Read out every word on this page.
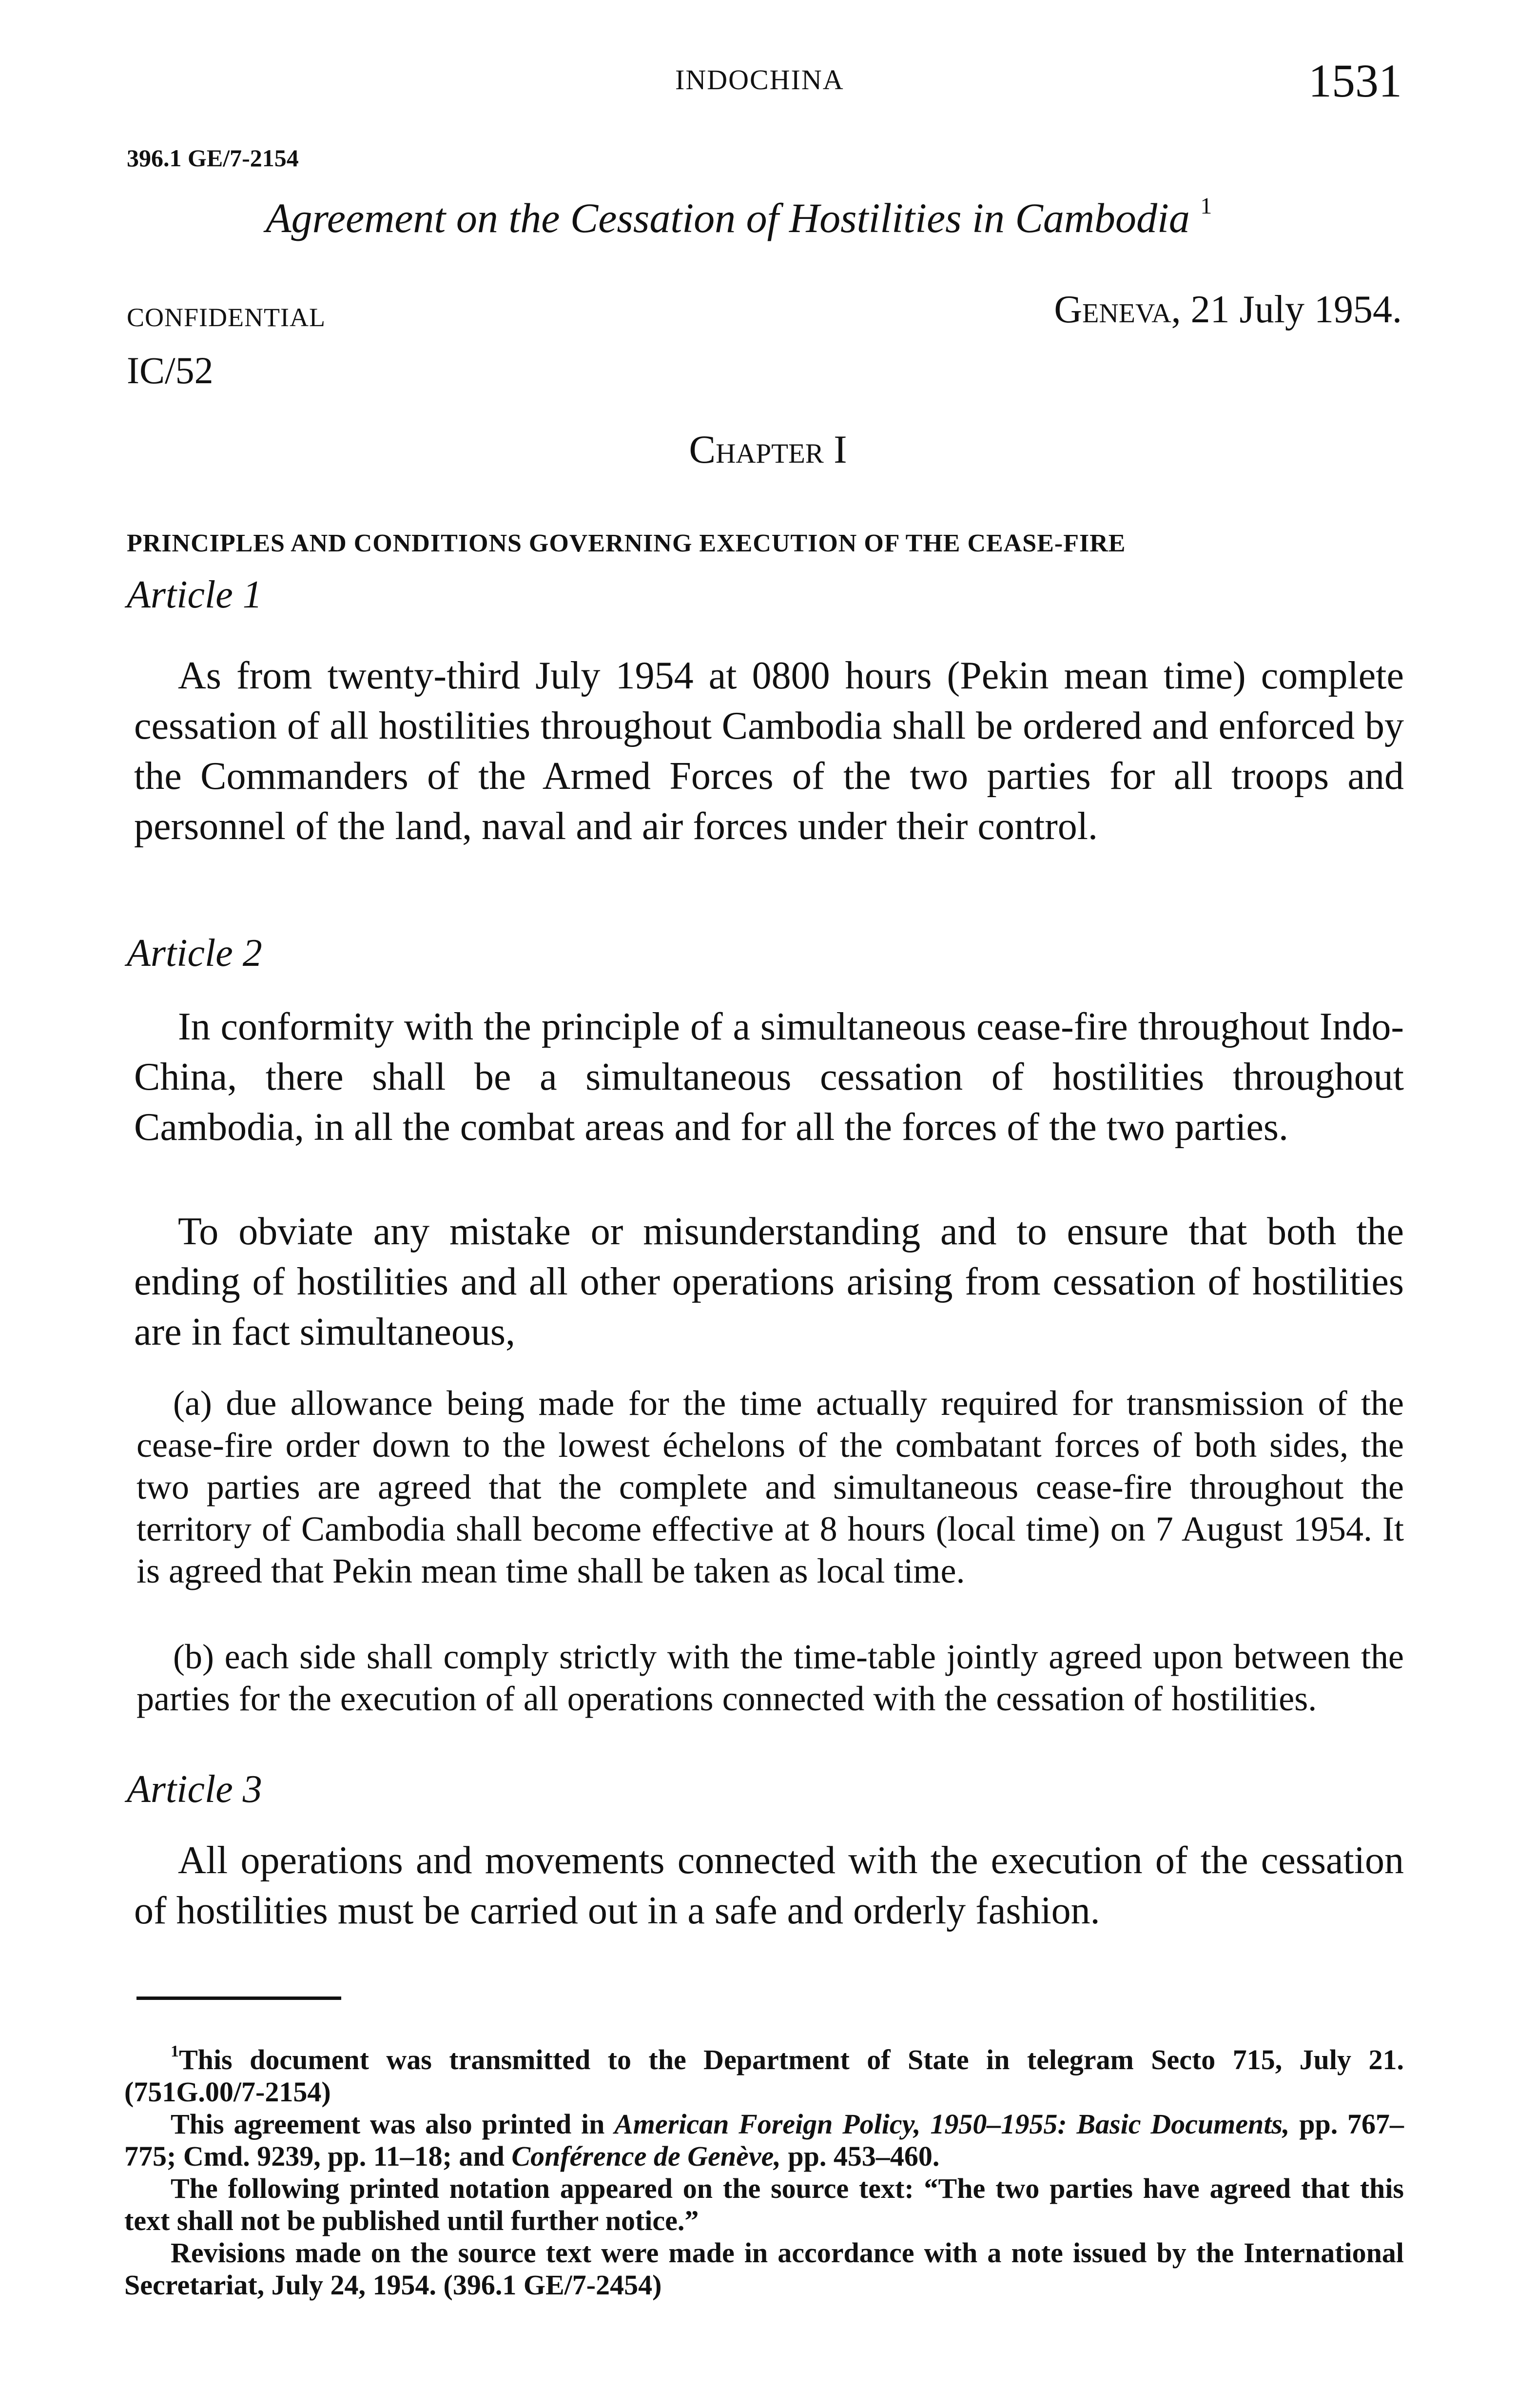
INDOCHINA	1531
396.1 GE/7-2154
Agreement on the Cessation of Hostilities in Cambodia $^1$
CONFIDENTIAL
IC/52
Geneva, 21 July 1954.
Chapter I
PRINCIPLES AND CONDITIONS GOVERNING EXECUTION OF THE CEASE-FIRE
Article 1

As from twenty-third July 1954 at 0800 hours (Pekin mean time) complete cessation of all hostilities throughout Cambodia shall be ordered and enforced by the Commanders of the Armed Forces of the two parties for all troops and personnel of the land, naval and air forces under their control.

Article 2

In conformity with the principle of a simultaneous cease-fire throughout Indo-China, there shall be a simultaneous cessation of hostilities throughout Cambodia, in all the combat areas and for all the forces of the two parties.

To obviate any mistake or misunderstanding and to ensure that both the ending of hostilities and all other operations arising from cessation of hostilities are in fact simultaneous,

(a) due allowance being made for the time actually required for transmission of the cease-fire order down to the lowest échelons of the combatant forces of both sides, the two parties are agreed that the complete and simultaneous cease-fire throughout the territory of Cambodia shall become effective at 8 hours (local time) on 7 August 1954. It is agreed that Pekin mean time shall be taken as local time.

(b) each side shall comply strictly with the time-table jointly agreed upon between the parties for the execution of all operations connected with the cessation of hostilities.

Article 3

All operations and movements connected with the execution of the cessation of hostilities must be carried out in a safe and orderly fashion.

$^1$This document was transmitted to the Department of State in telegram Secto 715, July 21. (751G.00/7-2154)

This agreement was also printed in American Foreign Policy, 1950–1955: Basic Documents, pp. 767–775; Cmd. 9239, pp. 11–18; and Conférence de Genève, pp. 453–460.

The following printed notation appeared on the source text: “The two parties have agreed that this text shall not be published until further notice.”

Revisions made on the source text were made in accordance with a note issued by the International Secretariat, July 24, 1954. (396.1 GE/7-2454)
